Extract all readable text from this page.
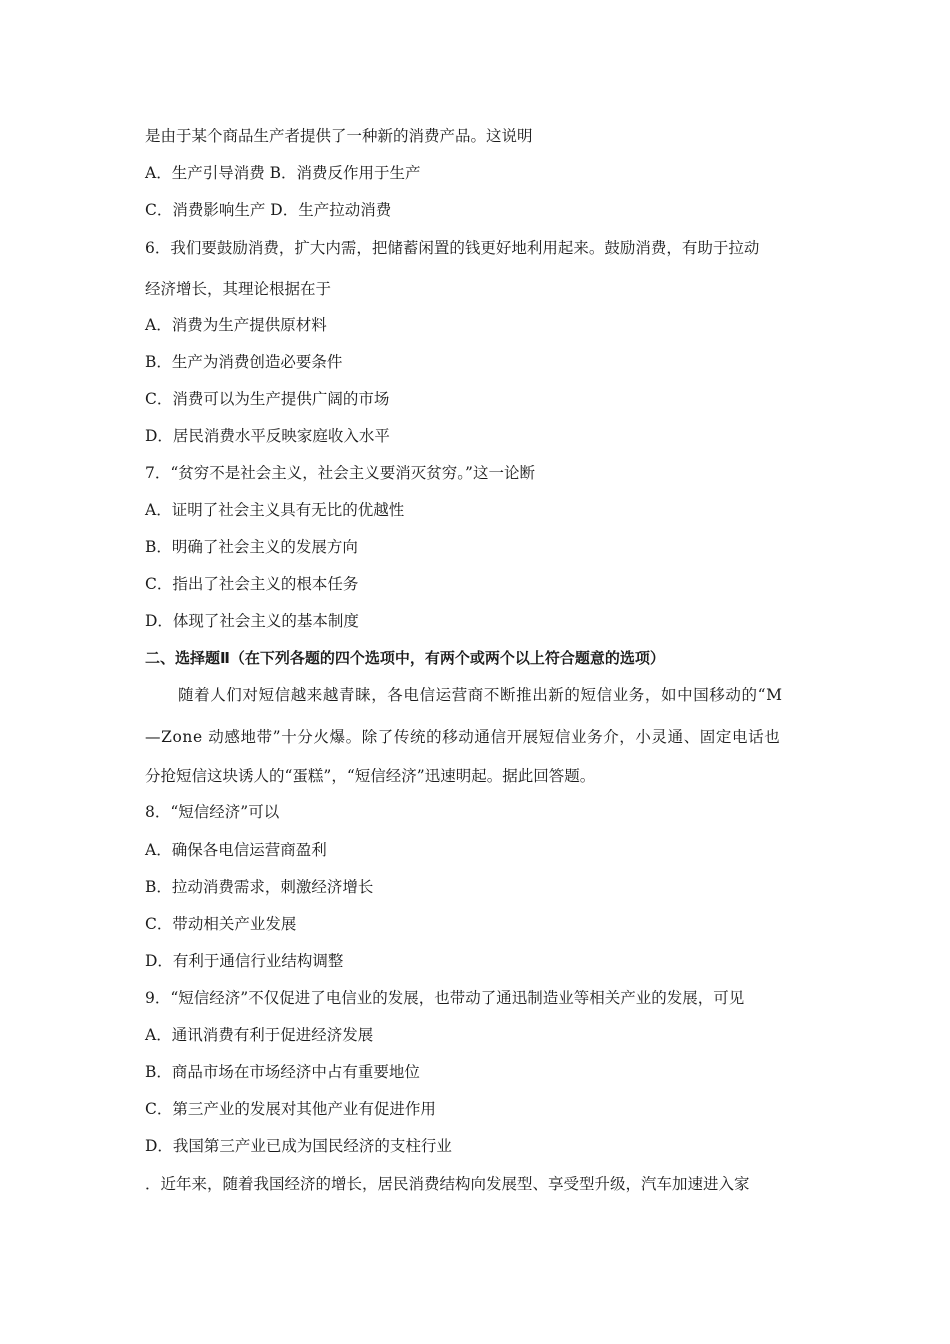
是由于某个商品生产者提供了一种新的消费产品。这说明
A．生产引导消费 B．消费反作用于生产
C．消费影响生产 D．生产拉动消费
6．我们要鼓励消费，扩大内需，把储蓄闲置的钱更好地利用起来。鼓励消费，有助于拉动
经济增长，其理论根据在于
A．消费为生产提供原材料
B．生产为消费创造必要条件
C．消费可以为生产提供广阔的市场
D．居民消费水平反映家庭收入水平
7．“贫穷不是社会主义，社会主义要消灭贫穷。”这一论断
A．证明了社会主义具有无比的优越性
B．明确了社会主义的发展方向
C．指出了社会主义的根本任务
D．体现了社会主义的基本制度
二、选择题Ⅱ（在下列各题的四个选项中，有两个或两个以上符合题意的选项）
随着人们对短信越来越青睐，各电信运营商不断推出新的短信业务，如中国移动的“M
—Zone 动感地带”十分火爆。除了传统的移动通信开展短信业务介，小灵通、固定电话也
分抢短信这块诱人的“蛋糕”，“短信经济”迅速明起。据此回答题。
8．“短信经济”可以
A．确保各电信运营商盈利
B．拉动消费需求，刺激经济增长
C．带动相关产业发展
D．有利于通信行业结构调整
9．“短信经济”不仅促进了电信业的发展，也带动了通迅制造业等相关产业的发展，可见
A．通讯消费有利于促进经济发展
B．商品市场在市场经济中占有重要地位
C．第三产业的发展对其他产业有促进作用
D．我国第三产业已成为国民经济的支柱行业
．近年来，随着我国经济的增长，居民消费结构向发展型、享受型升级，汽车加速进入家
